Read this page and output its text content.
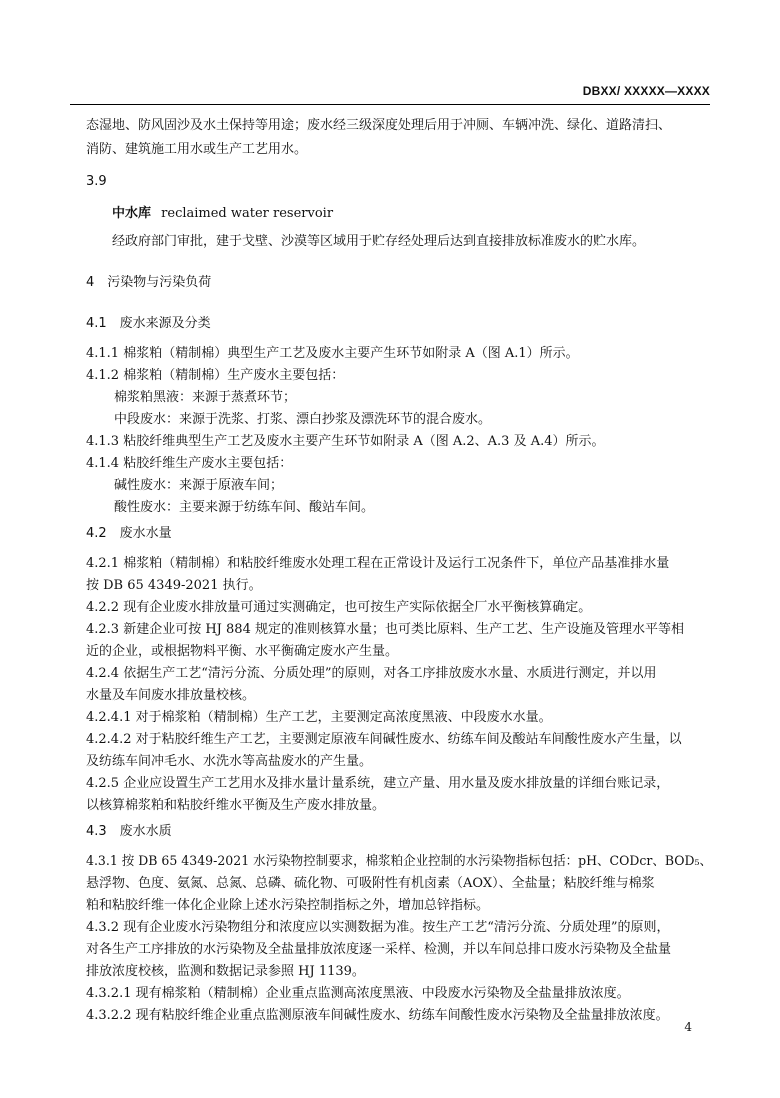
DBXX/ XXXXX—XXXX
态湿地、防风固沙及水土保持等用途；废水经三级深度处理后用于冲厕、车辆冲洗、绿化、道路清扫、
消防、建筑施工用水或生产工艺用水。
3.9
中水库 reclaimed water reservoir
经政府部门审批，建于戈壁、沙漠等区域用于贮存经处理后达到直接排放标准废水的贮水库。
4　污染物与污染负荷
4.1　废水来源及分类
4.1.1 棉浆粕（精制棉）典型生产工艺及废水主要产生环节如附录 A（图 A.1）所示。
4.1.2 棉浆粕（精制棉）生产废水主要包括：
棉浆粕黑液：来源于蒸煮环节；
中段废水：来源于洗浆、打浆、漂白抄浆及漂洗环节的混合废水。
4.1.3 粘胶纤维典型生产工艺及废水主要产生环节如附录 A（图 A.2、A.3 及 A.4）所示。
4.1.4 粘胶纤维生产废水主要包括：
碱性废水：来源于原液车间；
酸性废水：主要来源于纺练车间、酸站车间。
4.2　废水水量
4.2.1 棉浆粕（精制棉）和粘胶纤维废水处理工程在正常设计及运行工况条件下，单位产品基准排水量
按 DB 65 4349-2021 执行。
4.2.2 现有企业废水排放量可通过实测确定，也可按生产实际依据全厂水平衡核算确定。
4.2.3 新建企业可按 HJ 884 规定的准则核算水量；也可类比原料、生产工艺、生产设施及管理水平等相
近的企业，或根据物料平衡、水平衡确定废水产生量。
4.2.4 依据生产工艺“清污分流、分质处理”的原则，对各工序排放废水水量、水质进行测定，并以用
水量及车间废水排放量校核。
4.2.4.1 对于棉浆粕（精制棉）生产工艺，主要测定高浓度黑液、中段废水水量。
4.2.4.2 对于粘胶纤维生产工艺，主要测定原液车间碱性废水、纺练车间及酸站车间酸性废水产生量，以
及纺练车间冲毛水、水洗水等高盐废水的产生量。
4.2.5 企业应设置生产工艺用水及排水量计量系统，建立产量、用水量及废水排放量的详细台账记录，
以核算棉浆粕和粘胶纤维水平衡及生产废水排放量。
4.3　废水水质
4.3.1 按 DB 65 4349-2021 水污染物控制要求，棉浆粕企业控制的水污染物指标包括：pH、CODcr、BOD₅、
悬浮物、色度、氨氮、总氮、总磷、硫化物、可吸附性有机卤素（AOX）、全盐量；粘胶纤维与棉浆
粕和粘胶纤维一体化企业除上述水污染控制指标之外，增加总锌指标。
4.3.2 现有企业废水污染物组分和浓度应以实测数据为准。按生产工艺“清污分流、分质处理”的原则，
对各生产工序排放的水污染物及全盐量排放浓度逐一采样、检测，并以车间总排口废水污染物及全盐量
排放浓度校核，监测和数据记录参照 HJ 1139。
4.3.2.1 现有棉浆粕（精制棉）企业重点监测高浓度黑液、中段废水污染物及全盐量排放浓度。
4.3.2.2 现有粘胶纤维企业重点监测原液车间碱性废水、纺练车间酸性废水污染物及全盐量排放浓度。
4
